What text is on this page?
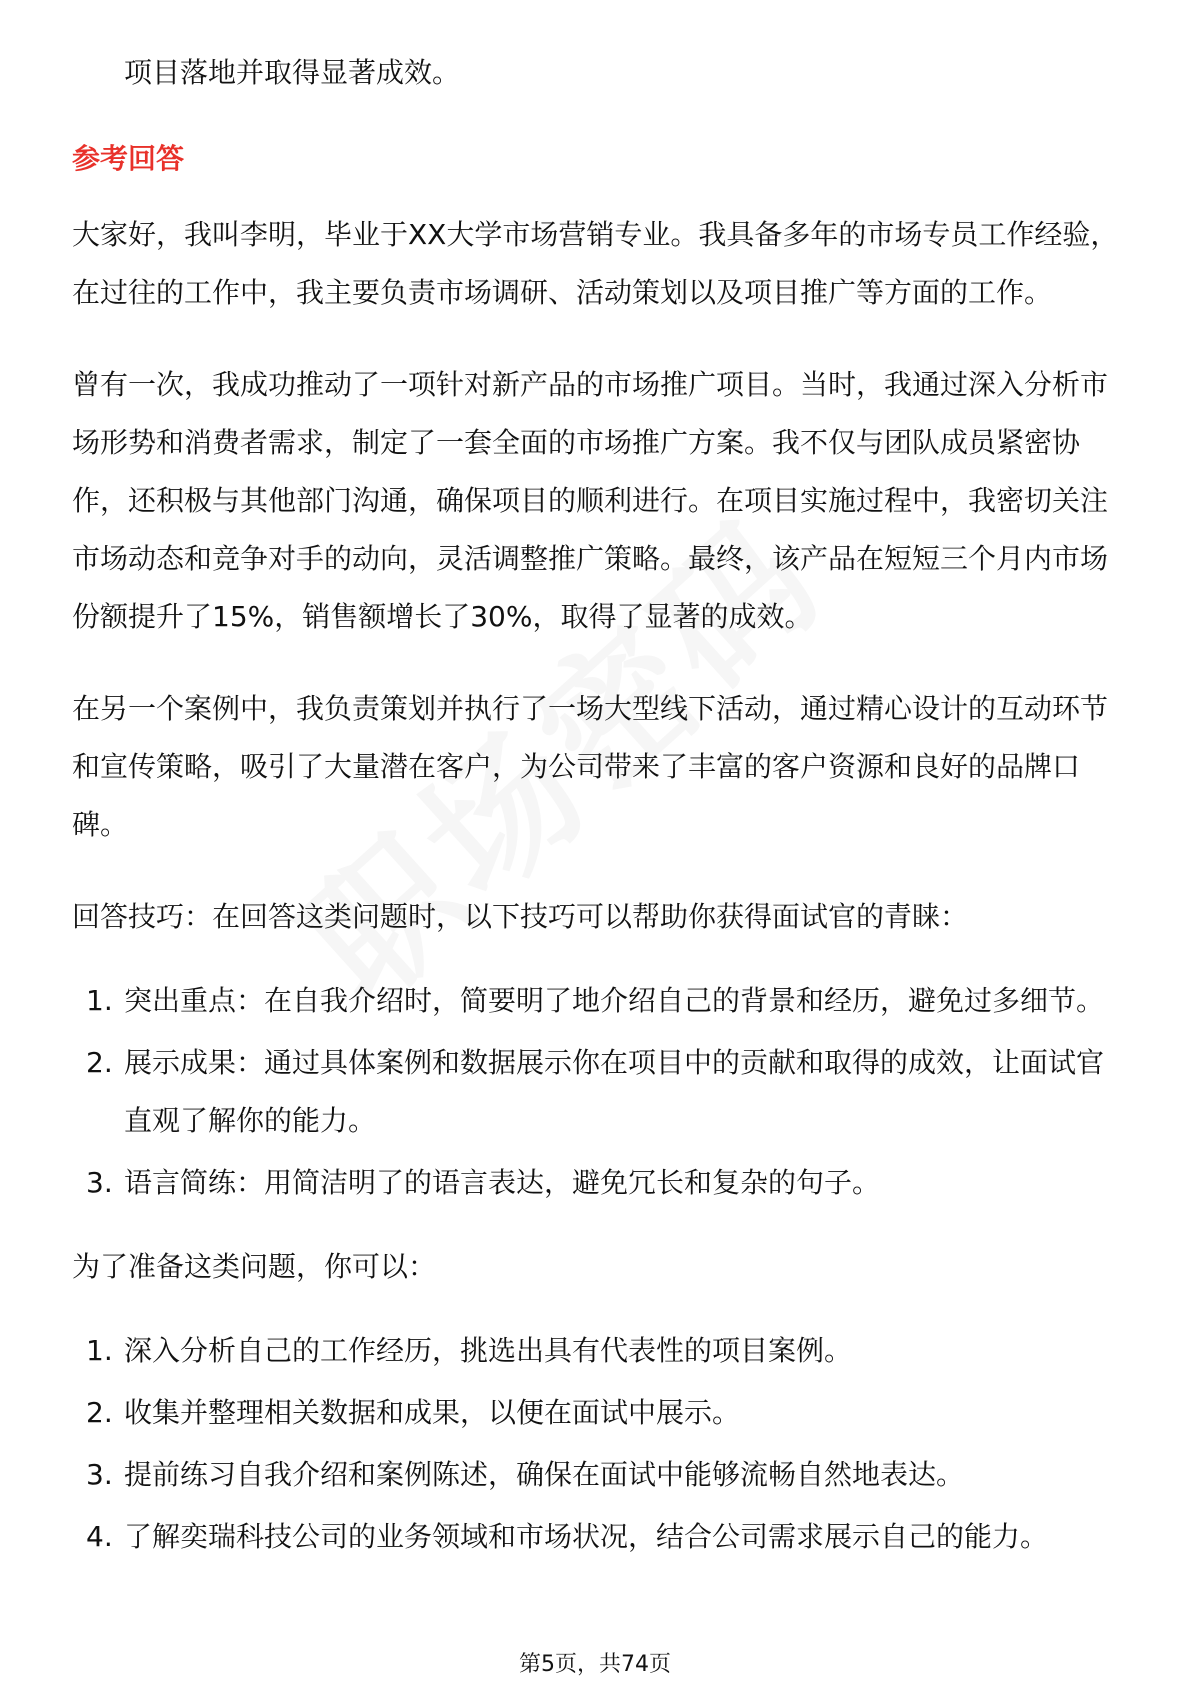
项目落地并取得显著成效。

参考回答

大家好，我叫李明，毕业于XX大学市场营销专业。我具备多年的市场专员工作经验，在过往的工作中，我主要负责市场调研、活动策划以及项目推广等方面的工作。

曾有一次，我成功推动了一项针对新产品的市场推广项目。当时，我通过深入分析市场形势和消费者需求，制定了一套全面的市场推广方案。我不仅与团队成员紧密协作，还积极与其他部门沟通，确保项目的顺利进行。在项目实施过程中，我密切关注市场动态和竞争对手的动向，灵活调整推广策略。最终，该产品在短短三个月内市场份额提升了15%，销售额增长了30%，取得了显著的成效。

在另一个案例中，我负责策划并执行了一场大型线下活动，通过精心设计的互动环节和宣传策略，吸引了大量潜在客户，为公司带来了丰富的客户资源和良好的品牌口碑。

回答技巧：在回答这类问题时，以下技巧可以帮助你获得面试官的青睐：

1. 突出重点：在自我介绍时，简要明了地介绍自己的背景和经历，避免过多细节。
2. 展示成果：通过具体案例和数据展示你在项目中的贡献和取得的成效，让面试官直观了解你的能力。
3. 语言简练：用简洁明了的语言表达，避免冗长和复杂的句子。

为了准备这类问题，你可以：

1. 深入分析自己的工作经历，挑选出具有代表性的项目案例。
2. 收集并整理相关数据和成果，以便在面试中展示。
3. 提前练习自我介绍和案例陈述，确保在面试中能够流畅自然地表达。
4. 了解奕瑞科技公司的业务领域和市场状况，结合公司需求展示自己的能力。
第5页，共74页
